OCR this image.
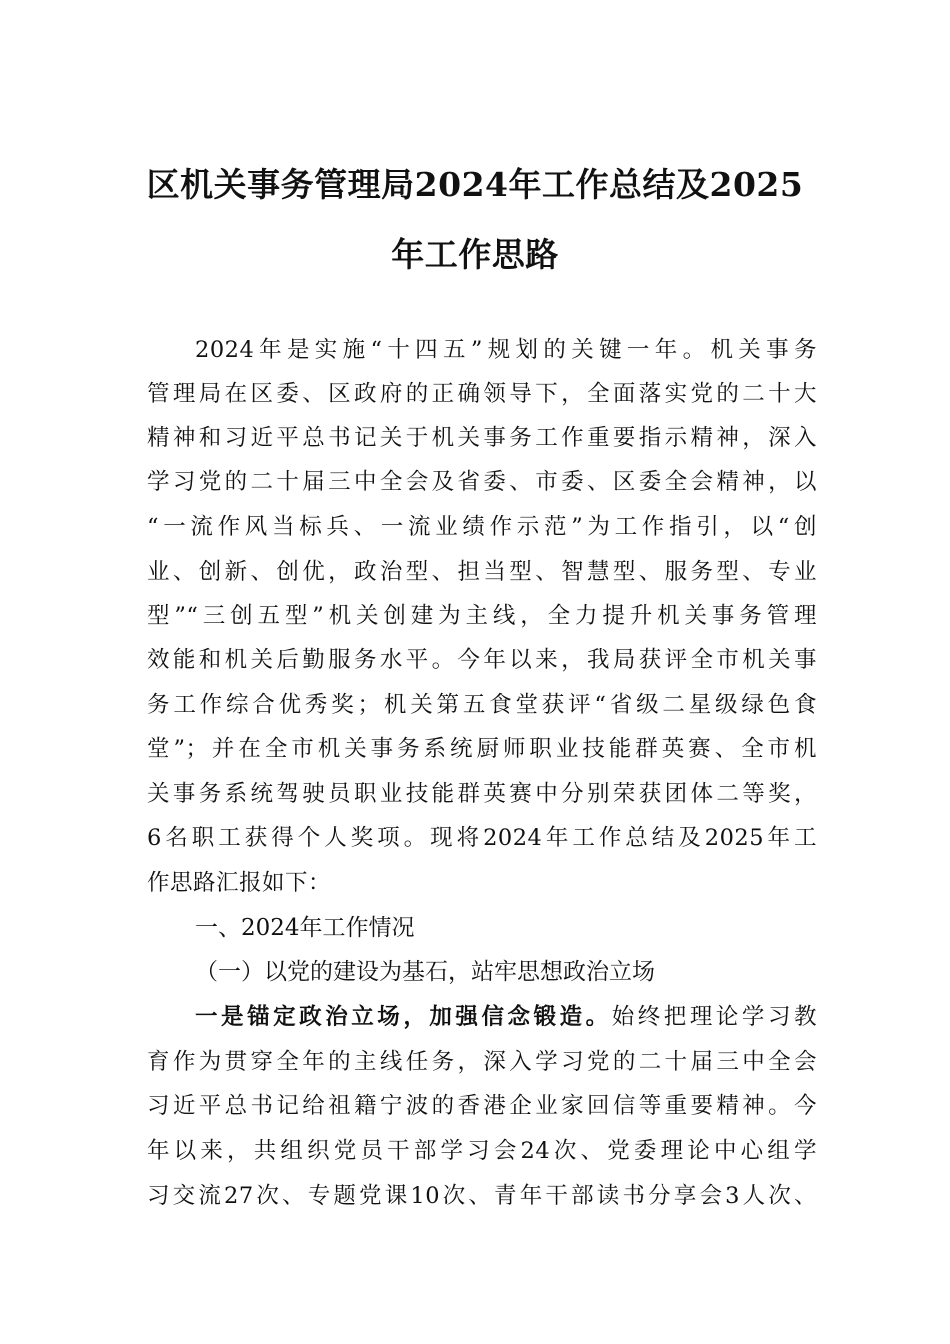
区机关事务管理局2024年工作总结及2025
年工作思路
2024年是实施“十四五”规划的关键一年。机关事务
管理局在区委、区政府的正确领导下，全面落实党的二十大
精神和习近平总书记关于机关事务工作重要指示精神，深入
学习党的二十届三中全会及省委、市委、区委全会精神，以
“一流作风当标兵、一流业绩作示范”为工作指引，以“创
业、创新、创优，政治型、担当型、智慧型、服务型、专业
型”“三创五型”机关创建为主线，全力提升机关事务管理
效能和机关后勤服务水平。今年以来，我局获评全市机关事
务工作综合优秀奖；机关第五食堂获评“省级二星级绿色食
堂”；并在全市机关事务系统厨师职业技能群英赛、全市机
关事务系统驾驶员职业技能群英赛中分别荣获团体二等奖，
6名职工获得个人奖项。现将2024年工作总结及2025年工
作思路汇报如下：
一、2024年工作情况
（一）以党的建设为基石，站牢思想政治立场
一是锚定政治立场，加强信念锻造。始终把理论学习教
育作为贯穿全年的主线任务，深入学习党的二十届三中全会
习近平总书记给祖籍宁波的香港企业家回信等重要精神。今
年以来，共组织党员干部学习会24次、党委理论中心组学
习交流27次、专题党课10次、青年干部读书分享会3人次、
